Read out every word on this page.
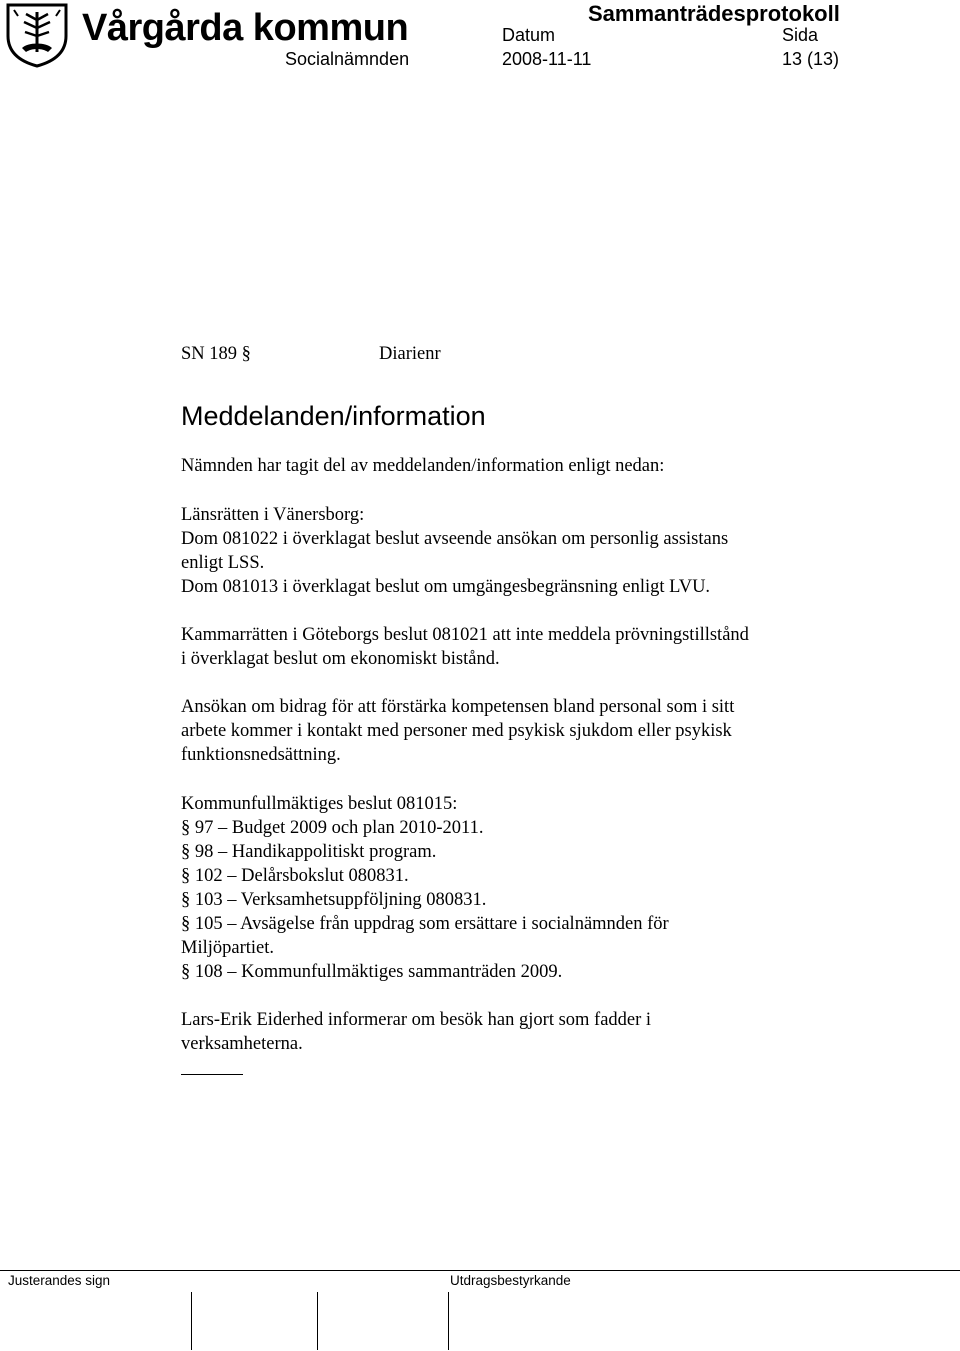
Vårgårda kommun
Socialnämnden
Sammanträdesprotokoll
Datum
2008-11-11
Sida
13 (13)
SN 189 §	Diarienr
Meddelanden/information
Nämnden har tagit del av meddelanden/information enligt nedan:
Länsrätten i Vänersborg:
Dom 081022 i överklagat beslut avseende ansökan om personlig assistans
enligt LSS.
Dom 081013 i överklagat beslut om umgängesbegränsning enligt LVU.
Kammarrätten i Göteborgs beslut 081021 att inte meddela prövningstillstånd
i överklagat beslut om ekonomiskt bistånd.
Ansökan om bidrag för att förstärka kompetensen bland personal som i sitt
arbete kommer i kontakt med personer med psykisk sjukdom eller psykisk
funktionsnedsättning.
Kommunfullmäktiges beslut 081015:
§ 97 – Budget 2009 och plan 2010-2011.
§ 98 – Handikappolitiskt program.
§ 102 – Delårsbokslut 080831.
§ 103 – Verksamhetsuppföljning 080831.
§ 105 – Avsägelse från uppdrag som ersättare i socialnämnden för
Miljöpartiet.
§ 108 – Kommunfullmäktiges sammanträden 2009.
Lars-Erik Eiderhed informerar om besök han gjort som fadder i
verksamheterna.
Justerandes sign	Utdragsbestyrkande
